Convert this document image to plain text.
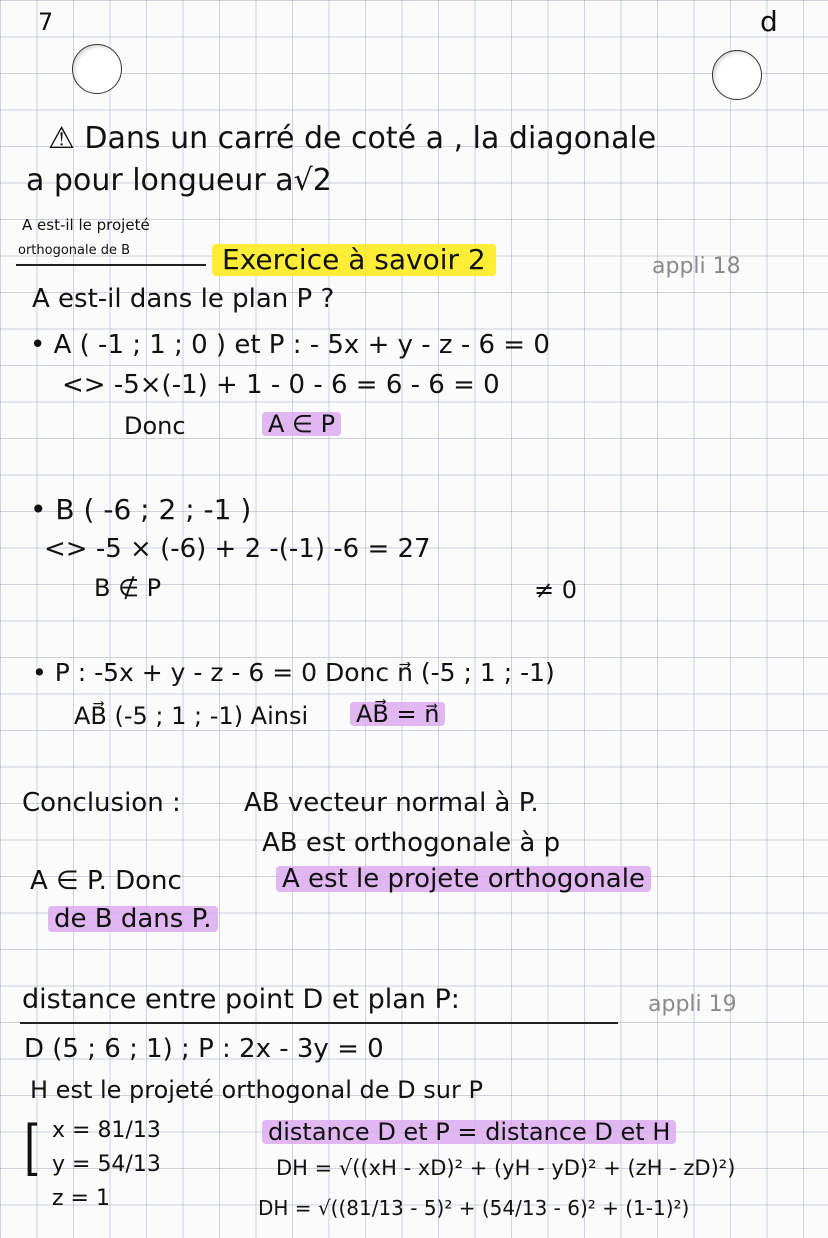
7	d
⚠ Dans un carré de coté a , la diagonale
a pour longueur a√2
A est-il le projeté
orthogonale de B	Exercice à savoir 2	appli 18
A est-il dans le plan P ?
• A ( -1 ; 1 ; 0 ) et P : - 5x + y - z - 6 = 0
<> -5×(-1) + 1 - 0 - 6 = 6 - 6 = 0
Donc	A ∈ P
• B ( -6 ; 2 ; -1 )
<> -5 × (-6) + 2 -(-1) -6 = 27
B ∉ P	≠ 0
• P : -5x + y - z - 6 = 0 Donc n⃗ (-5 ; 1 ; -1)
AB⃗ (-5 ; 1 ; -1) Ainsi AB⃗ = n⃗
Conclusion : AB vecteur normal à P.
AB est orthogonale à p
A ∈ P. Donc	A est le projete orthogonale
de B dans P.
distance entre point D et plan P:	appli 19
D (5 ; 6 ; 1) ; P : 2x - 3y = 0
H est le projeté orthogonal de D sur P
[ x = 81/13
y = 54/13
z = 1
distance D et P = distance D et H
DH = √((xH - xD)² + (yH - yD)² + (zH - zD)²)
DH = √((81/13 - 5)² + (54/13 - 6)² + (1-1)²)
